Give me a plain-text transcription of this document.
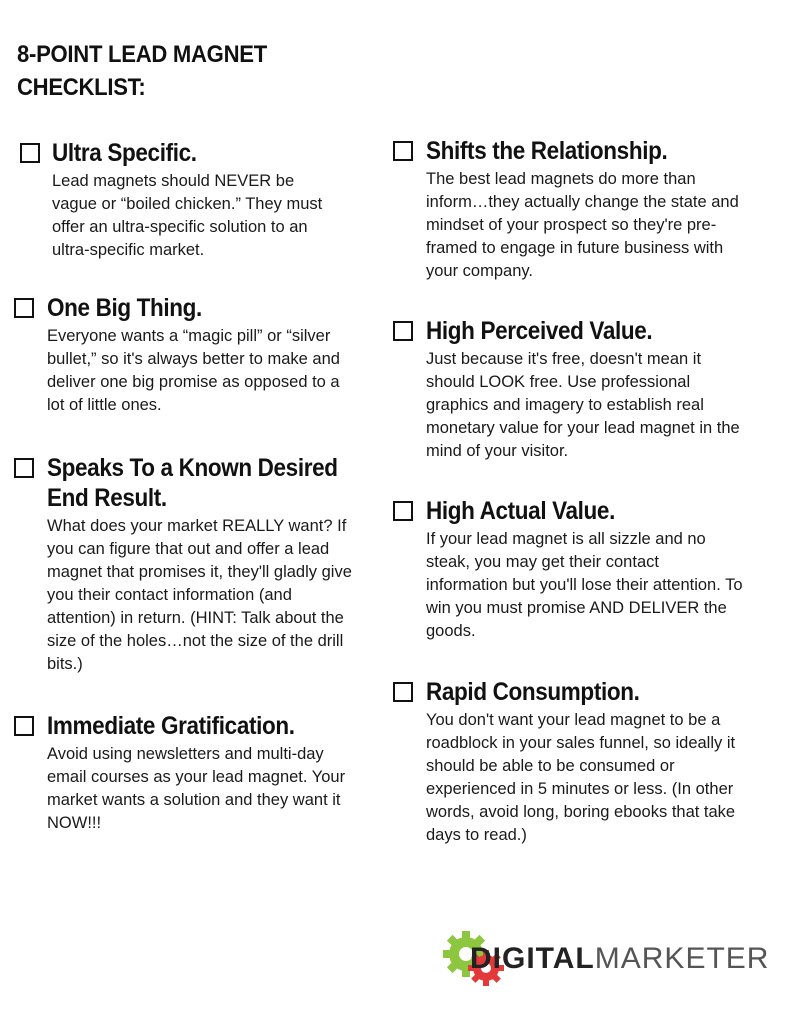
8-POINT LEAD MAGNET
CHECKLIST:
Ultra Specific.
Lead magnets should NEVER be vague or “boiled chicken.” They must offer an ultra-specific solution to an ultra-specific market.
One Big Thing.
Everyone wants a “magic pill” or “silver bullet,” so it's always better to make and deliver one big promise as opposed to a lot of little ones.
Speaks To a Known Desired End Result.
What does your market REALLY want? If you can figure that out and offer a lead magnet that promises it, they'll gladly give you their contact information (and attention) in return. (HINT: Talk about the size of the holes…not the size of the drill bits.)
Immediate Gratification.
Avoid using newsletters and multi-day email courses as your lead magnet. Your market wants a solution and they want it NOW!!!
Shifts the Relationship.
The best lead magnets do more than inform…they actually change the state and mindset of your prospect so they're pre-framed to engage in future business with your company.
High Perceived Value.
Just because it's free, doesn't mean it should LOOK free. Use professional graphics and imagery to establish real monetary value for your lead magnet in the mind of your visitor.
High Actual Value.
If your lead magnet is all sizzle and no steak, you may get their contact information but you'll lose their attention. To win you must promise AND DELIVER the goods.
Rapid Consumption.
You don't want your lead magnet to be a roadblock in your sales funnel, so ideally it should be able to be consumed or experienced in 5 minutes or less. (In other words, avoid long, boring ebooks that take days to read.)
DIGITALMARKETER
